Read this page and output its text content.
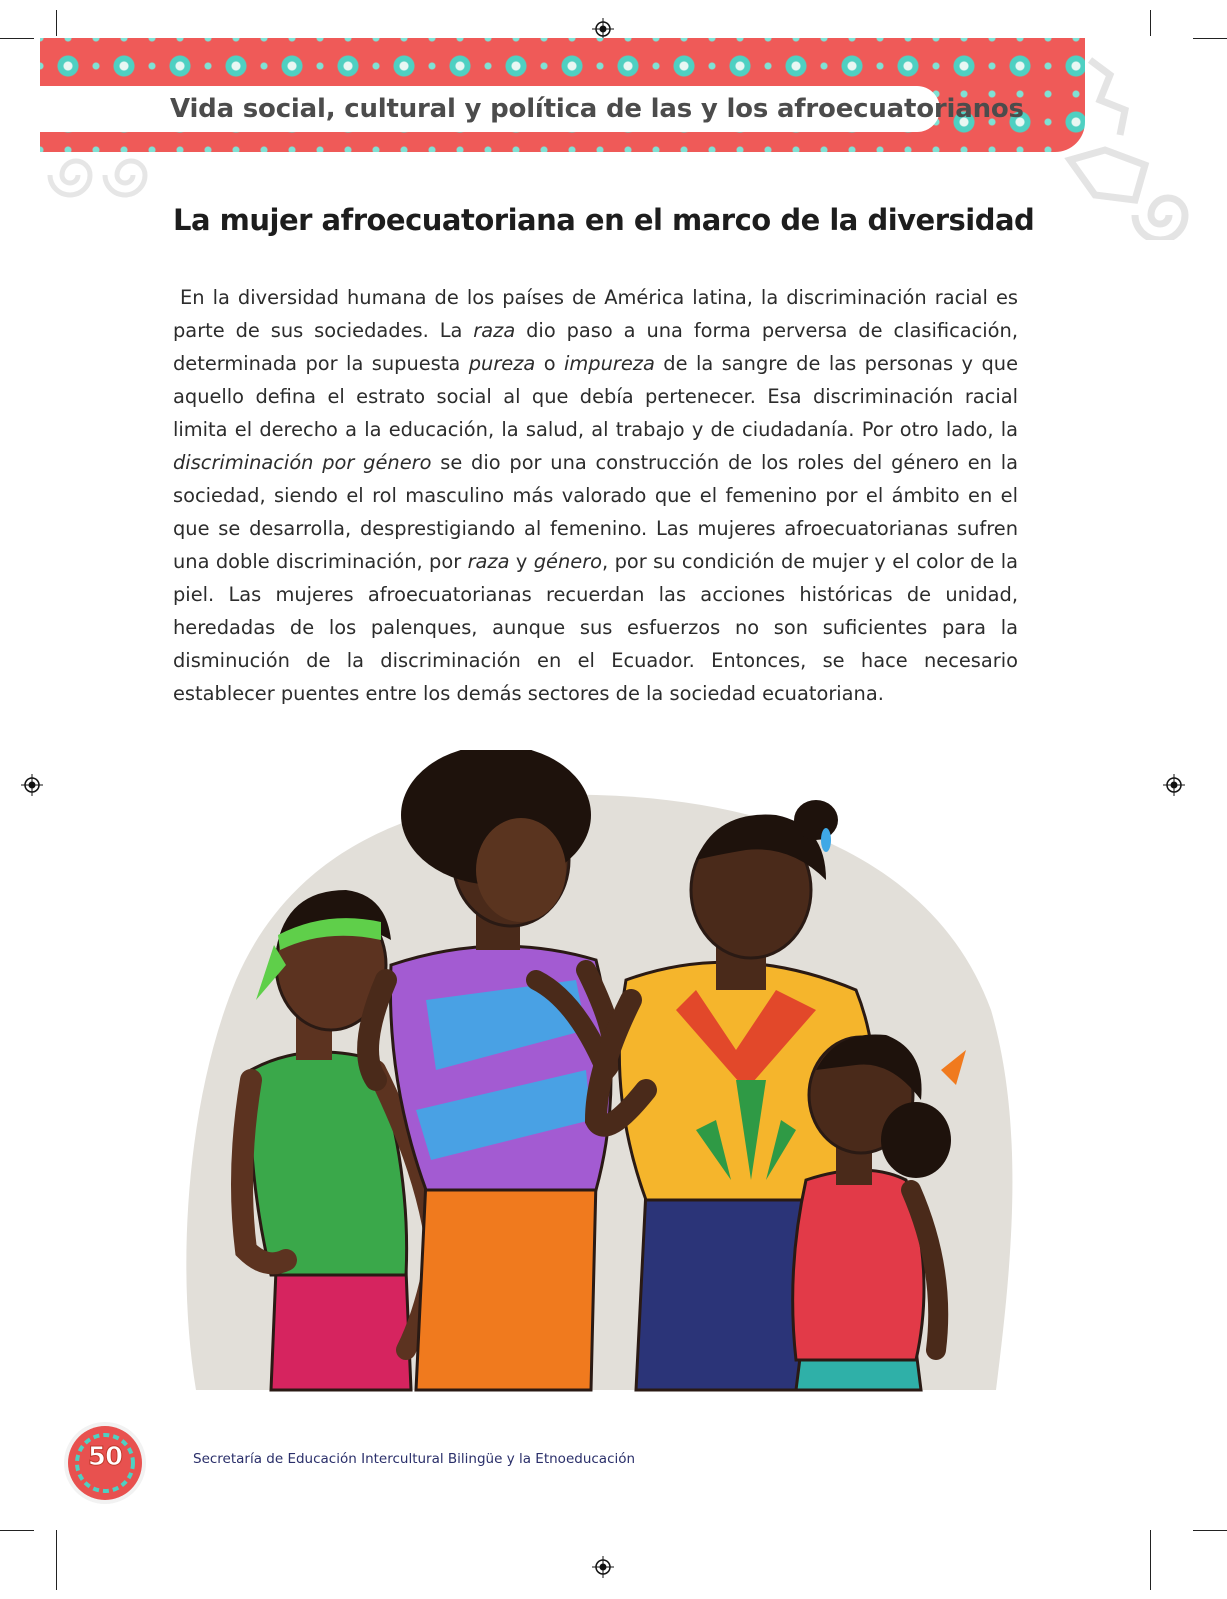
Vida social, cultural y política de las y los afroecuatorianos
La mujer afroecuatoriana en el marco de la diversidad

En la diversidad humana de los países de América latina, la discriminación racial es parte de sus sociedades. La raza dio paso a una forma perversa de clasificación, determinada por la supuesta pureza o impureza de la sangre de las personas y que aquello defina el estrato social al que debía pertenecer. Esa discriminación racial limita el derecho a la educación, la salud, al trabajo y de ciudadanía. Por otro lado, la discriminación por género se dio por una construcción de los roles del género en la sociedad, siendo el rol masculino más valorado que el femenino por el ámbito en el que se desarrolla, desprestigiando al femenino. Las mujeres afroecuatorianas sufren una doble discriminación, por raza y género, por su condición de mujer y el color de la piel. Las mujeres afroecuatorianas recuerdan las acciones históricas de unidad, heredadas de los palenques, aunque sus esfuerzos no son suficientes para la disminución de la discriminación en el Ecuador. Entonces, se hace necesario establecer puentes entre los demás sectores de la sociedad ecuatoriana.

50	Secretaría de Educación Intercultural Bilingüe y la Etnoeducación
